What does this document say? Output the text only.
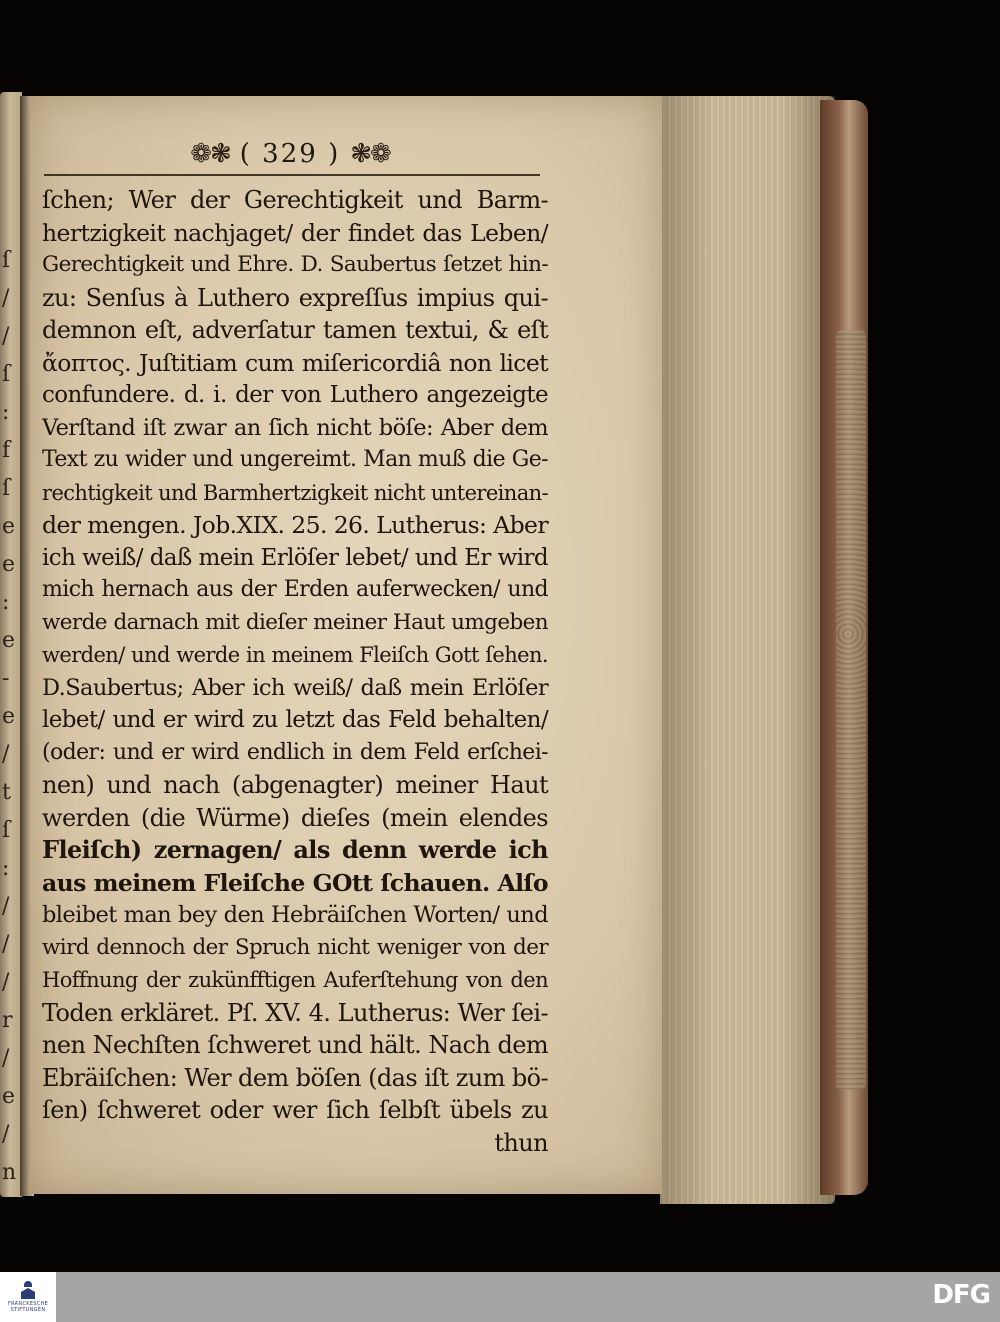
ſ
/
/
ſ
:
f
ſ
e
e
:
e
-
e
/
t
ſ
:
/
/
/
r
/
e
/
n
❁❃ ( 329 ) ❃❁
ſchen; Wer der Gerechtigkeit und Barm-
hertzigkeit nachjaget/ der findet das Leben/
Gerechtigkeit und Ehre. D. Saubertus ſetzet hin-
zu: Senſus à Luthero expreſſus impius qui-
demnon eſt, adverſatur tamen textui, & eſt
ἄοπτος. Juſtitiam cum miſericordiâ non licet
confundere. d. i. der von Luthero angezeigte
Verſtand iſt zwar an ſich nicht böſe: Aber dem
Text zu wider und ungereimt. Man muß die Ge-
rechtigkeit und Barmhertzigkeit nicht untereinan-
der mengen. Job.XIX. 25. 26. Lutherus: Aber
ich weiß/ daß mein Erlöſer lebet/ und Er wird
mich hernach aus der Erden auferwecken/ und
werde darnach mit dieſer meiner Haut umgeben
werden/ und werde in meinem Fleiſch Gott ſehen.
D.Saubertus; Aber ich weiß/ daß mein Erlöſer
lebet/ und er wird zu letzt das Feld behalten/
(oder: und er wird endlich in dem Feld erſchei-
nen) und nach (abgenagter) meiner Haut
werden (die Würme) dieſes (mein elendes
Fleiſch) zernagen/ als denn werde ich
aus meinem Fleiſche GOtt ſchauen. Alſo
bleibet man bey den Hebräiſchen Worten/ und
wird dennoch der Spruch nicht weniger von der
Hoffnung der zukünfftigen Auferſtehung von den
Toden erkläret. Pſ. XV. 4. Lutherus: Wer ſei-
nen Nechſten ſchweret und hält. Nach dem
Ebräiſchen: Wer dem böſen (das iſt zum bö-
ſen) ſchweret oder wer ſich ſelbſt übels zu
thun
FRANCKESCHE
STIFTUNGEN	DFG
